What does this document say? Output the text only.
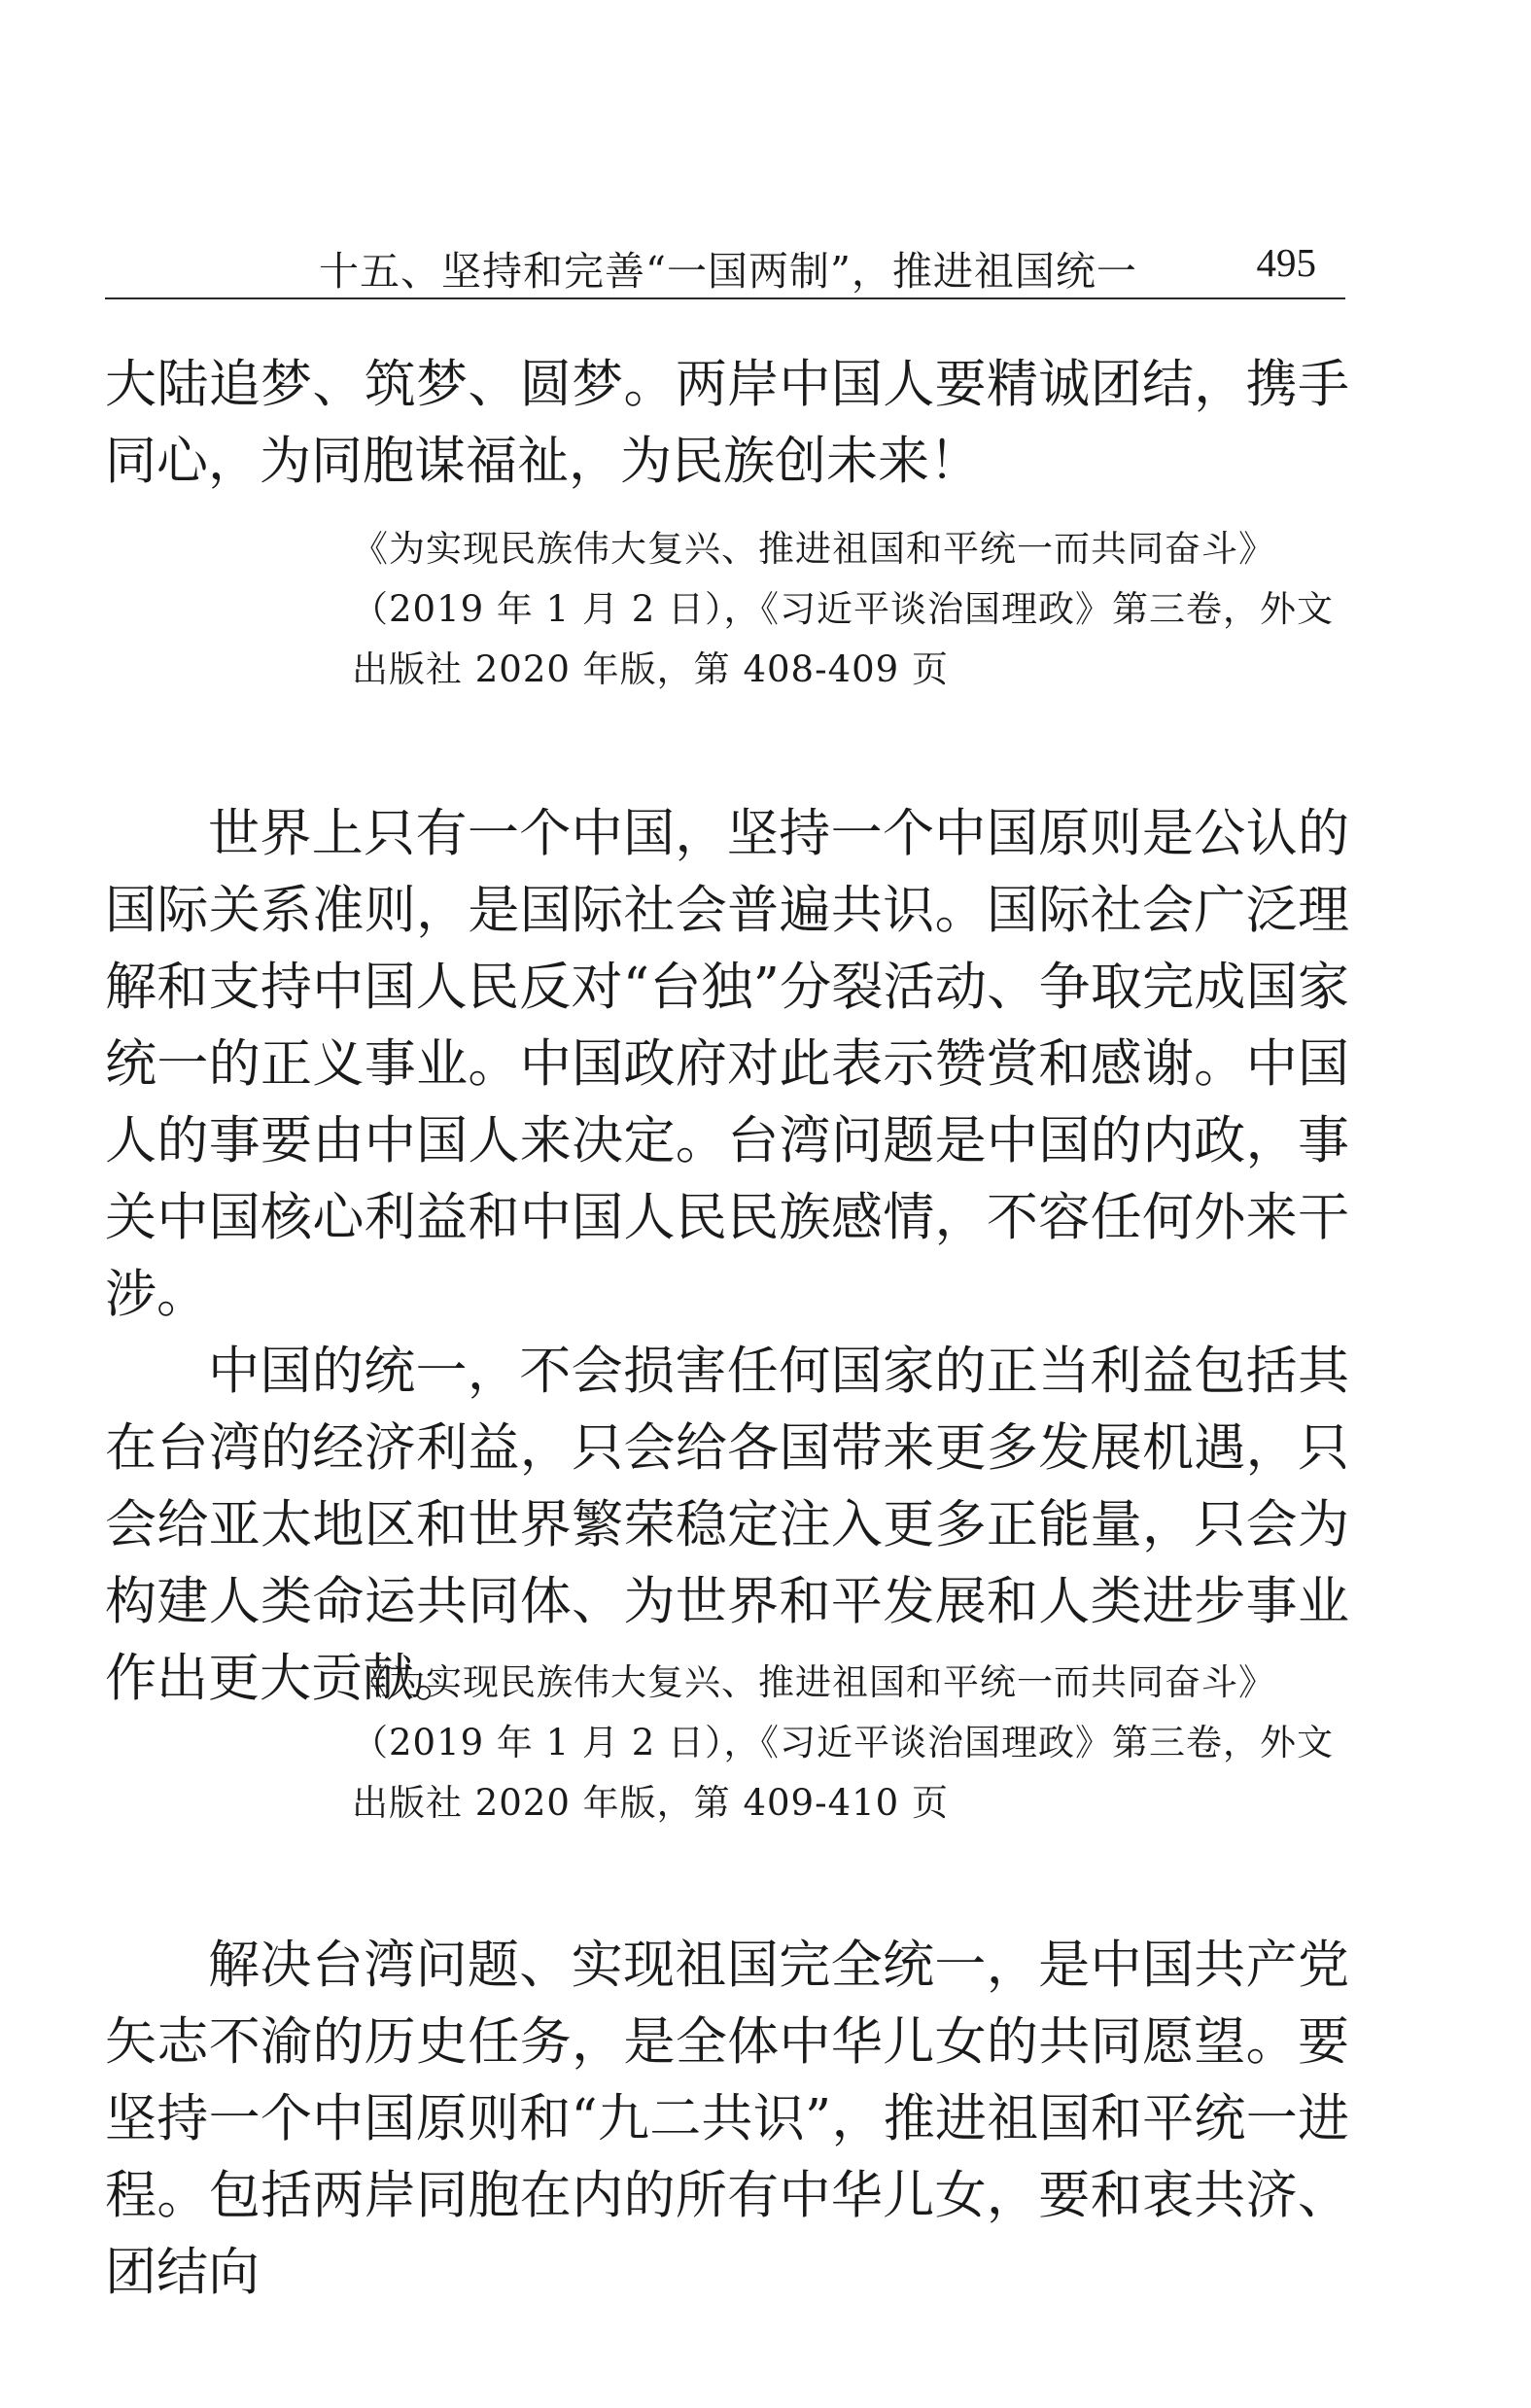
十五、坚持和完善“一国两制”，推进祖国统一	495

大陆追梦、筑梦、圆梦。两岸中国人要精诚团结，携手同心，为同胞谋福祉，为民族创未来！

《为实现民族伟大复兴、推进祖国和平统一而共同奋斗》
（2019 年 1 月 2 日），《习近平谈治国理政》第三卷，外文
出版社 2020 年版，第 408-409 页

世界上只有一个中国，坚持一个中国原则是公认的国际关系准则，是国际社会普遍共识。国际社会广泛理解和支持中国人民反对“台独”分裂活动、争取完成国家统一的正义事业。中国政府对此表示赞赏和感谢。中国人的事要由中国人来决定。台湾问题是中国的内政，事关中国核心利益和中国人民民族感情，不容任何外来干涉。

中国的统一，不会损害任何国家的正当利益包括其在台湾的经济利益，只会给各国带来更多发展机遇，只会给亚太地区和世界繁荣稳定注入更多正能量，只会为构建人类命运共同体、为世界和平发展和人类进步事业作出更大贡献。

《为实现民族伟大复兴、推进祖国和平统一而共同奋斗》
（2019 年 1 月 2 日），《习近平谈治国理政》第三卷，外文
出版社 2020 年版，第 409-410 页

解决台湾问题、实现祖国完全统一，是中国共产党矢志不渝的历史任务，是全体中华儿女的共同愿望。要坚持一个中国原则和“九二共识”，推进祖国和平统一进程。包括两岸同胞在内的所有中华儿女，要和衷共济、团结向
